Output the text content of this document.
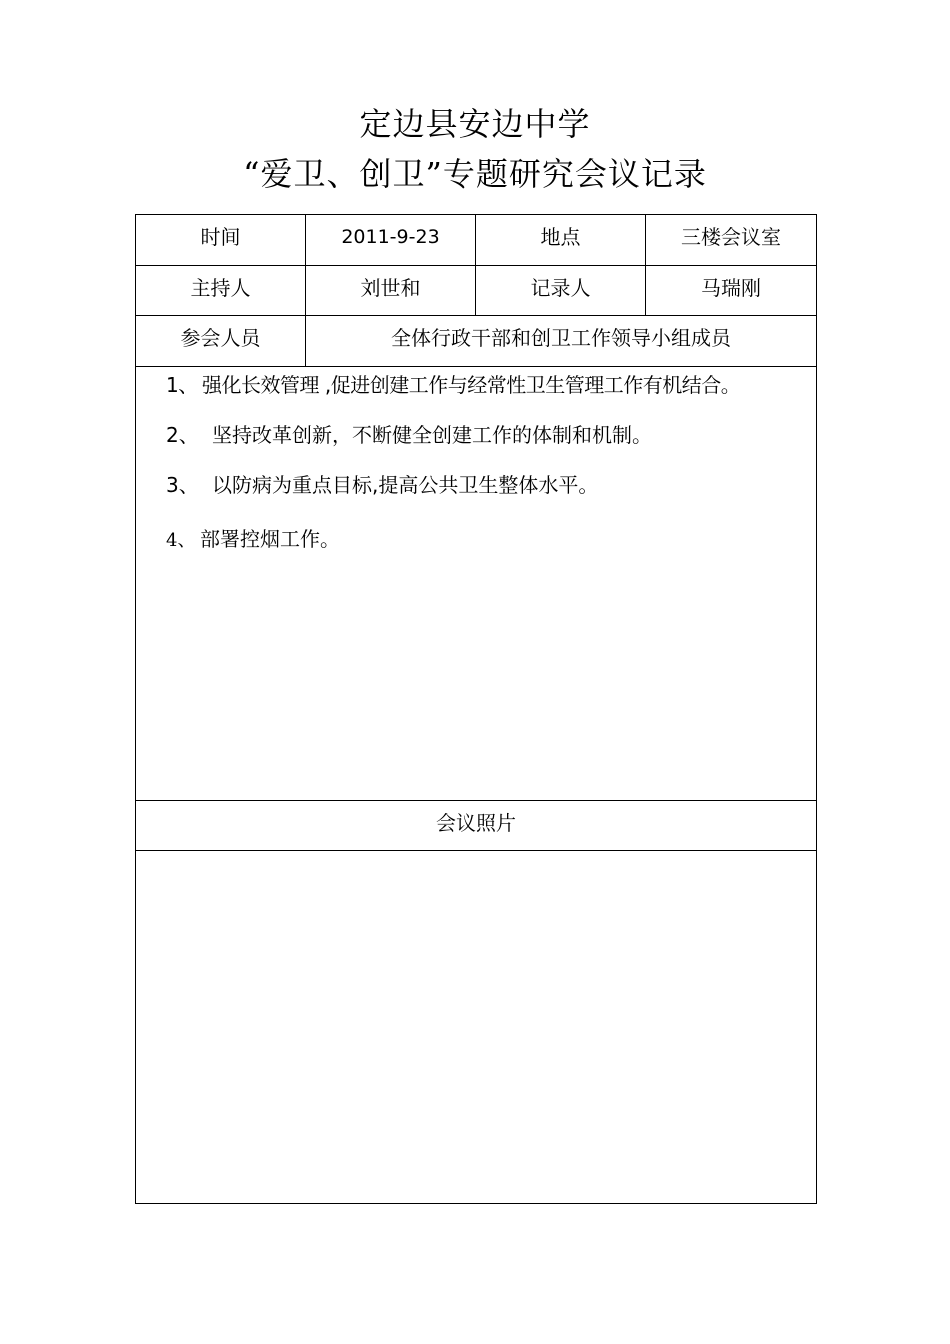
定边县安边中学
“爱卫、创卫”专题研究会议记录
时间	2011-9-23	地点	三楼会议室
主持人	刘世和	记录人	马瑞刚
参会人员	全体行政干部和创卫工作领导小组成员
会议照片
1、 强化长效管理 ,促进创建工作与经常性卫生管理工作有机结合。
2、 坚持改革创新，不断健全创建工作的体制和机制。
3、 以防病为重点目标,提高公共卫生整体水平。
4、 部署控烟工作。
